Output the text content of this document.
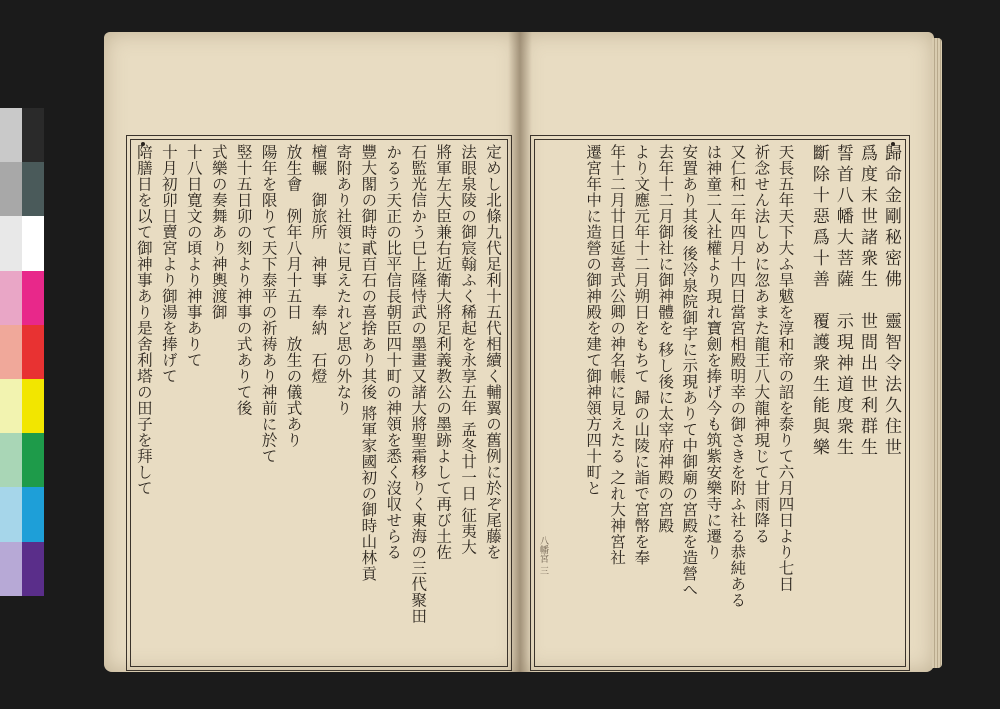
定めし北條九代足利十五代相續く輔翼の舊例に於ぞ尾藤を
法眼泉陵の御宸翰ふく稀起を永享五年 孟冬廿一日 征夷大
將軍左大臣兼右近衛大將足利義教公の墨跡よして再び土佐
石監光信かう巳上隆恃武の墨畫又諸大將聖霜移りく東海の三代聚田
かるう天正の比平信長朝臣四十町の神領を悉く沒収せらる
豐大閣の御時貳百石の喜捨あり其後 將軍家國初の御時山林貢
寄附あり社領に見えたれど思の外なり
檀輾　御旅所　神事　奉納　石燈
放生會　例年八月十五日　放生の儀式あり
陽年を限りて天下泰平の祈祷あり神前に於て
竪十五日卯の刻より神事の式ありて後
式樂の奏舞あり神輿渡御
十八日寛文の頃より神事ありて
十月初卯日賣宮より御湯を捧げて
陪膳日を以て御神事あり是舍利塔の田子を拜して	歸命金剛秘密佛　靈智令法久住世
爲度末世諸衆生　世間出世利群生
誓首八幡大菩薩　示現神道度衆生
斷除十惡爲十善　覆護衆生能與樂
天長五年天下大ふ旱魃を淳和帝の詔を泰りて六月四日より七日
祈念せん法しめに忽あまた龍王八大龍神現じて甘雨降る
又仁和二年四月十四日當宮相殿明幸の御さきを附ふ社る恭純ある
は神童二人社權より現れ寶劍を捧げ今も筑紫安樂寺に遷り
安置あり其後 後冷泉院御宇に示現ありて中御廟の宮殿を造營へ
去年十二月御社に御神體を 移し後に太宰府神殿の宮殿
より文應元年十二月朔日をもちて 歸の山陵に詣で宮幣を奉
年十二月廿日延喜式公卿の神名帳に見えたる 之れ大神宮社
遷宮年中に造營の御神殿を建て御神領方四十町と
八幡宮 三
